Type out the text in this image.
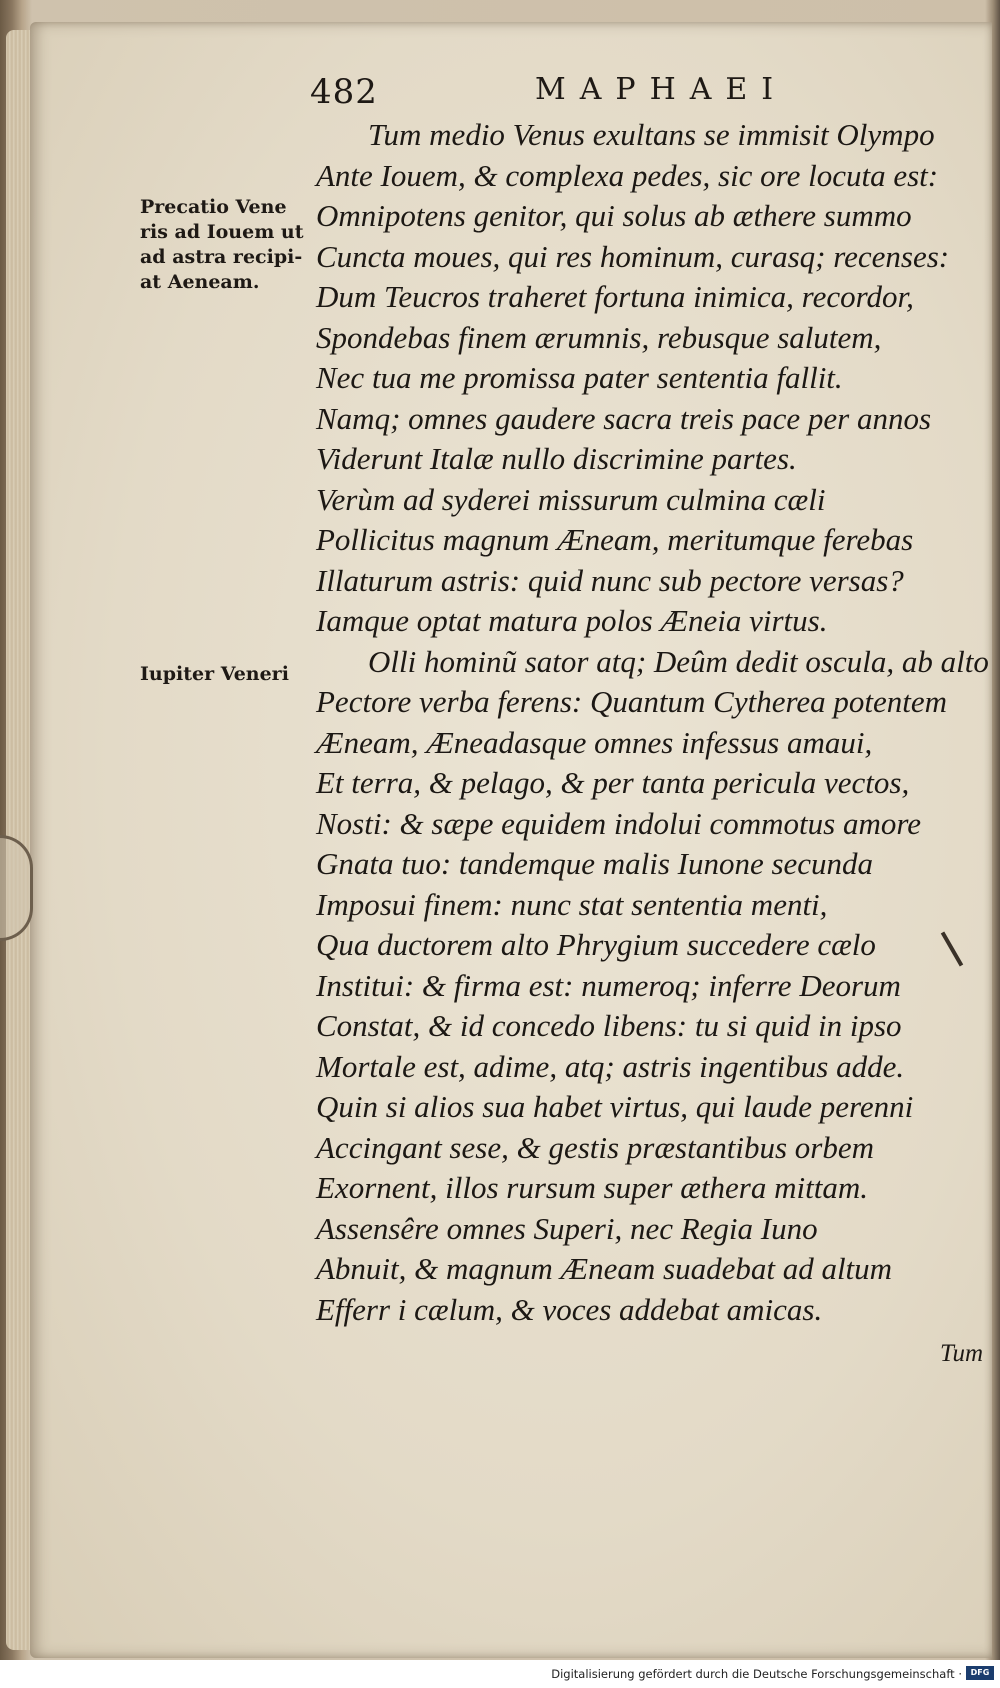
482	MAPHAEI
Precatio Vene
ris ad Iouem ut
ad astra recipi-
at Aeneam.
Iupiter Veneri
Tum medio Venus exultans se immisit Olympo
Ante Iouem, & complexa pedes, sic ore locuta est:
Omnipotens genitor, qui solus ab æthere summo
Cuncta moues, qui res hominum, curasq; recenses:
Dum Teucros traheret fortuna inimica, recordor,
Spondebas finem ærumnis, rebusque salutem,
Nec tua me promissa pater sententia fallit.
Namq; omnes gaudere sacra treis pace per annos
Viderunt Italæ nullo discrimine partes.
Verùm ad syderei missurum culmina cæli
Pollicitus magnum Æneam, meritumque ferebas
Illaturum astris: quid nunc sub pectore versas?
Iamque optat matura polos Æneia virtus.
Olli hominũ sator atq; Deûm dedit oscula, ab alto
Pectore verba ferens: Quantum Cytherea potentem
Æneam, Æneadasque omnes infessus amaui,
Et terra, & pelago, & per tanta pericula vectos,
Nosti: & sæpe equidem indolui commotus amore
Gnata tuo: tandemque malis Iunone secunda
Imposui finem: nunc stat sententia menti,
Qua ductorem alto Phrygium succedere cælo
Institui: & firma est: numeroq; inferre Deorum
Constat, & id concedo libens: tu si quid in ipso
Mortale est, adime, atq; astris ingentibus adde.
Quin si alios sua habet virtus, qui laude perenni
Accingant sese, & gestis præstantibus orbem
Exornent, illos rursum super æthera mittam.
Assensêre omnes Superi, nec Regia Iuno
Abnuit, & magnum Æneam suadebat ad altum
Efferr i cælum, & voces addebat amicas.
Tum
Digitalisierung gefördert durch die Deutsche Forschungsgemeinschaft ·	DFG
